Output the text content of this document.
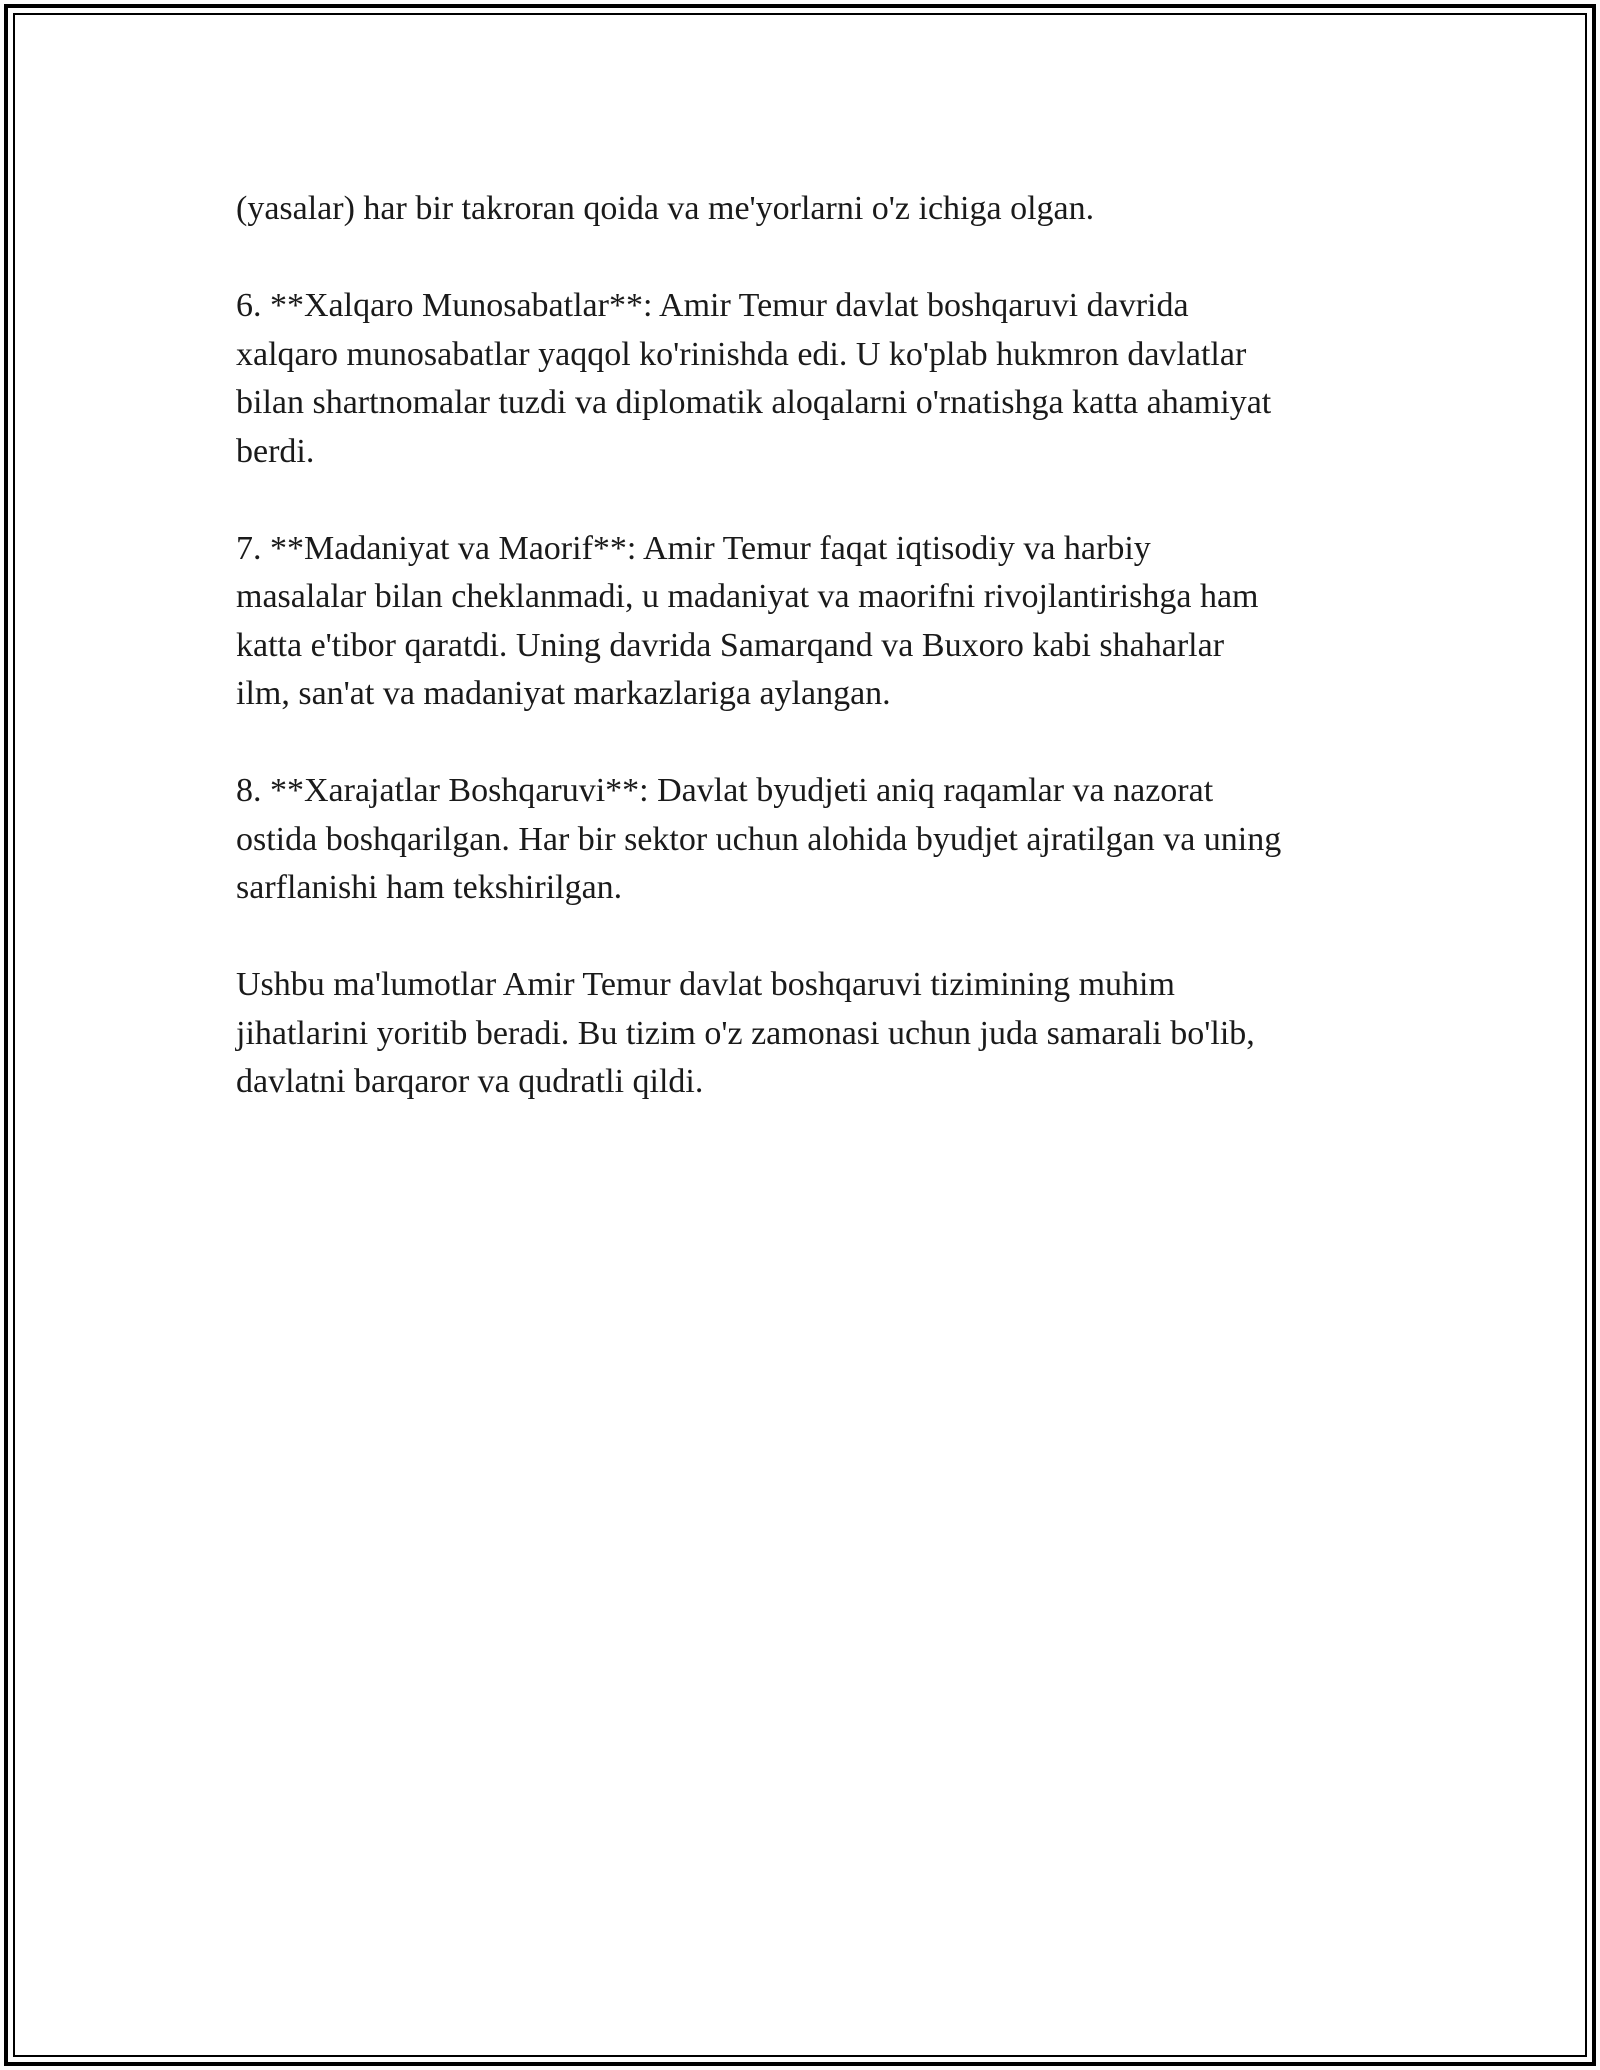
(yasalar) har bir takroran qoida va me'yorlarni o'z ichiga olgan.

6. **Xalqaro Munosabatlar**: Amir Temur davlat boshqaruvi davrida
xalqaro munosabatlar yaqqol ko'rinishda edi. U ko'plab hukmron davlatlar
bilan shartnomalar tuzdi va diplomatik aloqalarni o'rnatishga katta ahamiyat
berdi.

7. **Madaniyat va Maorif**: Amir Temur faqat iqtisodiy va harbiy
masalalar bilan cheklanmadi, u madaniyat va maorifni rivojlantirishga ham
katta e'tibor qaratdi. Uning davrida Samarqand va Buxoro kabi shaharlar
ilm, san'at va madaniyat markazlariga aylangan.

8. **Xarajatlar Boshqaruvi**: Davlat byudjeti aniq raqamlar va nazorat
ostida boshqarilgan. Har bir sektor uchun alohida byudjet ajratilgan va uning
sarflanishi ham tekshirilgan.

Ushbu ma'lumotlar Amir Temur davlat boshqaruvi tizimining muhim
jihatlarini yoritib beradi. Bu tizim o'z zamonasi uchun juda samarali bo'lib,
davlatni barqaror va qudratli qildi.
